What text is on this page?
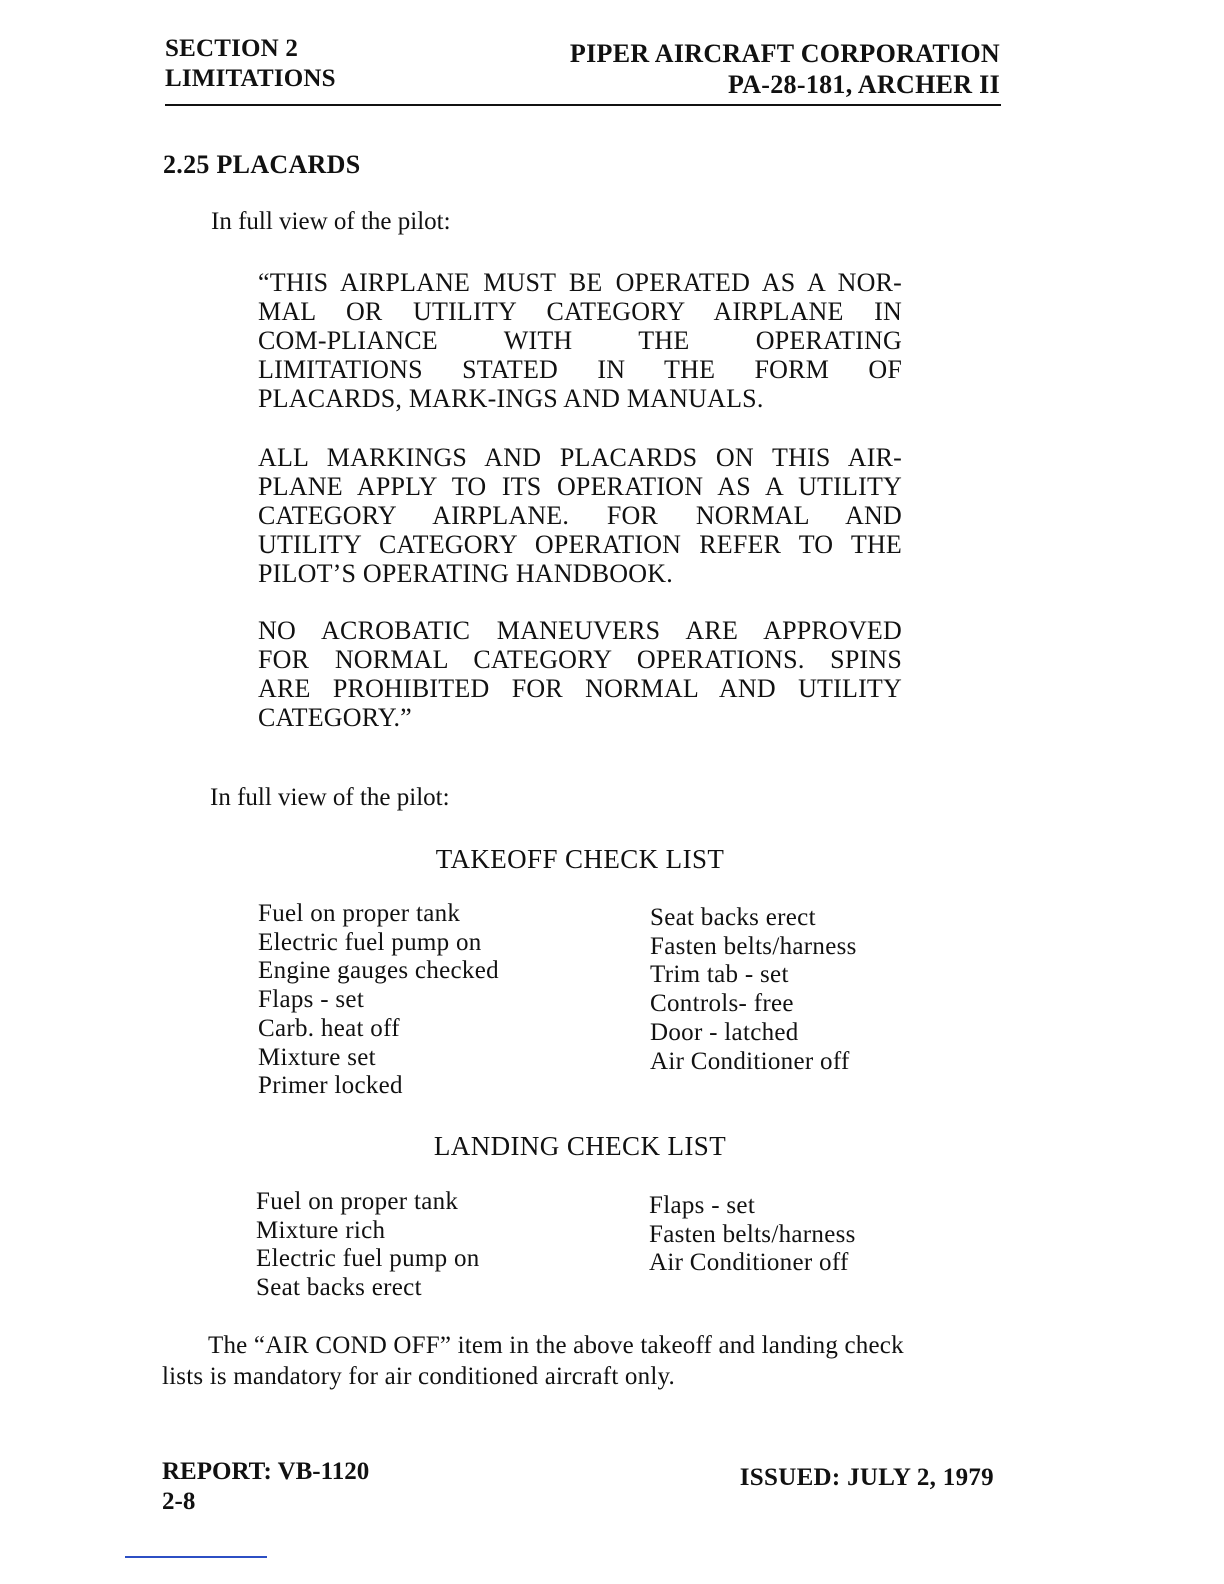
SECTION 2
LIMITATIONS
PIPER AIRCRAFT CORPORATION
PA-28-181, ARCHER II
2.25 PLACARDS
In full view of the pilot:
“THIS AIRPLANE MUST BE OPERATED AS A NOR-
MAL OR UTILITY CATEGORY AIRPLANE IN
COM-PLIANCE WITH THE OPERATING
LIMITATIONS STATED IN THE FORM OF
PLACARDS, MARK-INGS AND MANUALS.
ALL MARKINGS AND PLACARDS ON THIS AIR-
PLANE APPLY TO ITS OPERATION AS A UTILITY
CATEGORY AIRPLANE. FOR NORMAL AND
UTILITY CATEGORY OPERATION REFER TO THE
PILOT’S OPERATING HANDBOOK.
NO ACROBATIC MANEUVERS ARE APPROVED
FOR NORMAL CATEGORY OPERATIONS. SPINS
ARE PROHIBITED FOR NORMAL AND UTILITY
CATEGORY.”
In full view of the pilot:
TAKEOFF CHECK LIST
Fuel on proper tank
Electric fuel pump on
Engine gauges checked
Flaps - set
Carb. heat off
Mixture set
Primer locked
Seat backs erect
Fasten belts/harness
Trim tab - set
Controls- free
Door - latched
Air Conditioner off
LANDING CHECK LIST
Fuel on proper tank
Mixture rich
Electric fuel pump on
Seat backs erect
Flaps - set
Fasten belts/harness
Air Conditioner off
The “AIR COND OFF” item in the above takeoff and landing check
lists is mandatory for air conditioned aircraft only.
REPORT: VB-1120
2-8
ISSUED: JULY 2, 1979
